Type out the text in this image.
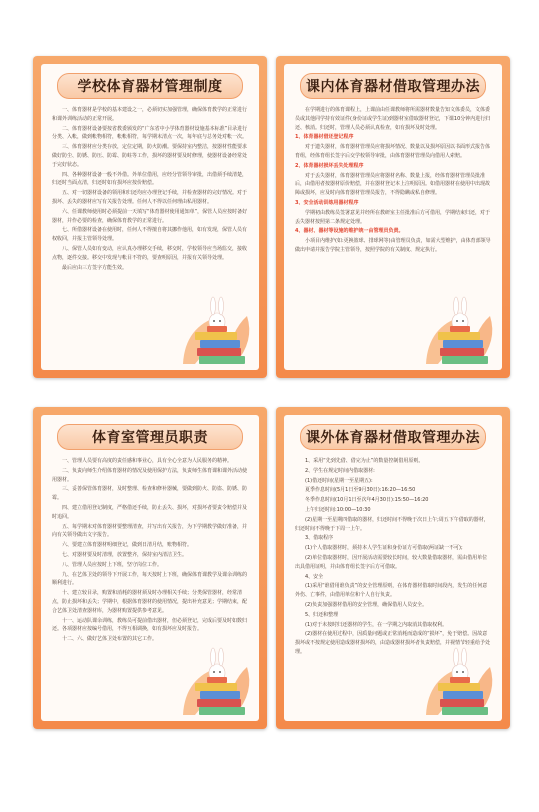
学校体育器材管理制度

一、体育器材是学校的基本建设之一，必须切实加强管理，确保体育教学的正常进行和课外训练活动的正常开展。

二、体育器材设备要按省教委颁发的“广东省中小学体育器材设施基本标准”目录进行分类、入帐，做到帐物相符，帐帐相符，每学期末清点一次，每年底与总务处对帐一次。

三、体育器材应分类存放，定位定期，防火防潮。要保持室内整洁，按器材性能要求做好防尘、防锈、防压、防霉、防蛀等工作，损坏的器材要及时修理，使器材设备经常处于完好状态。

四、各种器材设备一般不外借。外单位借用，应经分管领导审批，出借须手续清楚，归还时当面点清，归还时如有损坏应按价赔偿。

五、对一切器材设备的领用和归还均应办理登记手续，并检查器材的完好情况。对于损坏、丢失的器材应写有关报告处理。任何人不得以任何理由私用器材。

六、任课教师使用时必须提前一天填写“体育器材使用通知单”，保管人员应按时备好器材，并作必要的检查，确保体育教学的正常进行。

七、所借器材设备在使用时，任何人不得擅自将其挪作他用，如有发现，保管人员有权收回，并报主管领导处理。

八、保管人员如有变动，应认真办理移交手续，移交时，学校领导应当场监交，接收点物，逐件交接。移交中发现与帐目不符的，要查明原因，并报有关领导处理。

最后应由三方签字方能生效。

课内体育器材借取管理办法

在学期进行的体育课程上，上课前由任课教师将所需器材数量告知文体委员，文体委员或其他同学持有效证件(身份证或学生证)到器材室借取器材登记，下课10分钟内进行归还、核消。归还时，管理人员必须认真检查，如有损坏及时处理。

1、体育器材借还登记程序

对于遗失器材，体育器材管理员应将损坏情况、数量以及损坏原因以书面形式报告体育组，经体育组长签字后交学校领导审批，由体育器材管理员向借用人索赔。

2、体育器材损坏丢失处理程序

对于丢失器材，体育器材管理员应将器材名称、数量上报，经体育器材管理员批准后，由借用者按器材原价赔偿，并在器材登记本上注明原因。如借用器材在使用中出现故障或损坏，应及时向体育器材管理员报告，不得隐瞒或私自修理。

3、安全活动训练用器材程序

学期初由教练员签署意见并经所在教研室主任批准后方可借用，学期结束归还，对于丢失器材按照第二条规定处理。

4、器材、器材等设施的维护统一由管理员负责。

小项目内维护(如:更换篮球、排球网等)由管理员负责，如需大型维护，由体育部领导做出申请并报告学院主管领导，按照学院的有关制度、规定执行。

体育室管理员职责

一、管理人员要有高度的责任感和事业心，具有全心全意为人民服务的精神。

二、负责向师生介绍体育器材的情况及使用保护方法，负责师生体育课和课外活动使用器材。

三、妥善保管体育器材，及时整理、检查和修补器械，要做到防火、防盗、防锈、防霉。

四、建立借用登记制度，严格借还手续，防止丢失、损坏，对损坏者要责令赔偿并及时追回。

五、每学期末对体育器材要整理清查，并写出有关报告，为下学期教学做好准备，并向有关领导做出文字报告。

六、要建立体育器材明细登记，做到日清月结，账物相符。

七、对器材要及时清理，放置整齐，保持室内清洁卫生。

八、管理人员应按时上下班，坚守岗位工作。

九、在艺体卫处的领导下开展工作，每天按时上下班，确保体育课教学及课余训练的顺利进行。

十、建立较目录，购置和消耗的器材须及时办理相关手续；分类保管器材，经常清点，防止损坏和丢失；学期中，根据体育器材的使用情况，提出补充意见；学期结束，配合艺体卫处清查器材库，为器材购置提供参考意见。

十一、运动队课余训练，教练员可提前借出器材，但必须登记，完成后要及时如数归还。各项器材应按编号借用，不得互相调换，如有损坏应及时报告。

十二、六、做好艺体卫处布置的其它工作。

课外体育器材借取管理办法

1、采用“先到先借、借完为止”的数量控制借用原则。

2、学生在规定时间内借取器材:

(1)借还时间(星期一至星期五):

夏季作息时间(5月1日至9月30日):16:20—16:50

冬季作息时间(10月1日至次年4月30日):15:50—16:20

上午归还时间:10:00—10:30

(2)星期一至星期四借取的器材，归还时间不得晚于次日上午;周五下午借取的器材，归还时间不得晚于下周一上午。

3、借取程序

(1)个人借取器材时，须持本人学生证和身份证方可借取(两证缺一不可);

(2)单位借取器材时，因开展活动需要较长时间，较大数量借取器材，需由借用单位出具借用证明，并由体育组长签字后方可借取。

4、安全

(1)采用“谁借用谁负责”的安全管理原则，在体育器材借取时间段内，发生的任何意外伤、亡事件，由借用单位和个人自行负责。

(2)负责加强器材借用的安全管理，确保借用人员安全。

5、归还和整理

(1)对于未按时归还器材的学生，在一学期之内取消其借取权利。

(2)器材在使用过程中，因质量问题或正常消耗而造成的“损坏”，免于赔偿。因故意损坏或不按规定使用造成器材损坏的，由造成器材损坏者负责赔偿，并视情节轻重给予处理。
